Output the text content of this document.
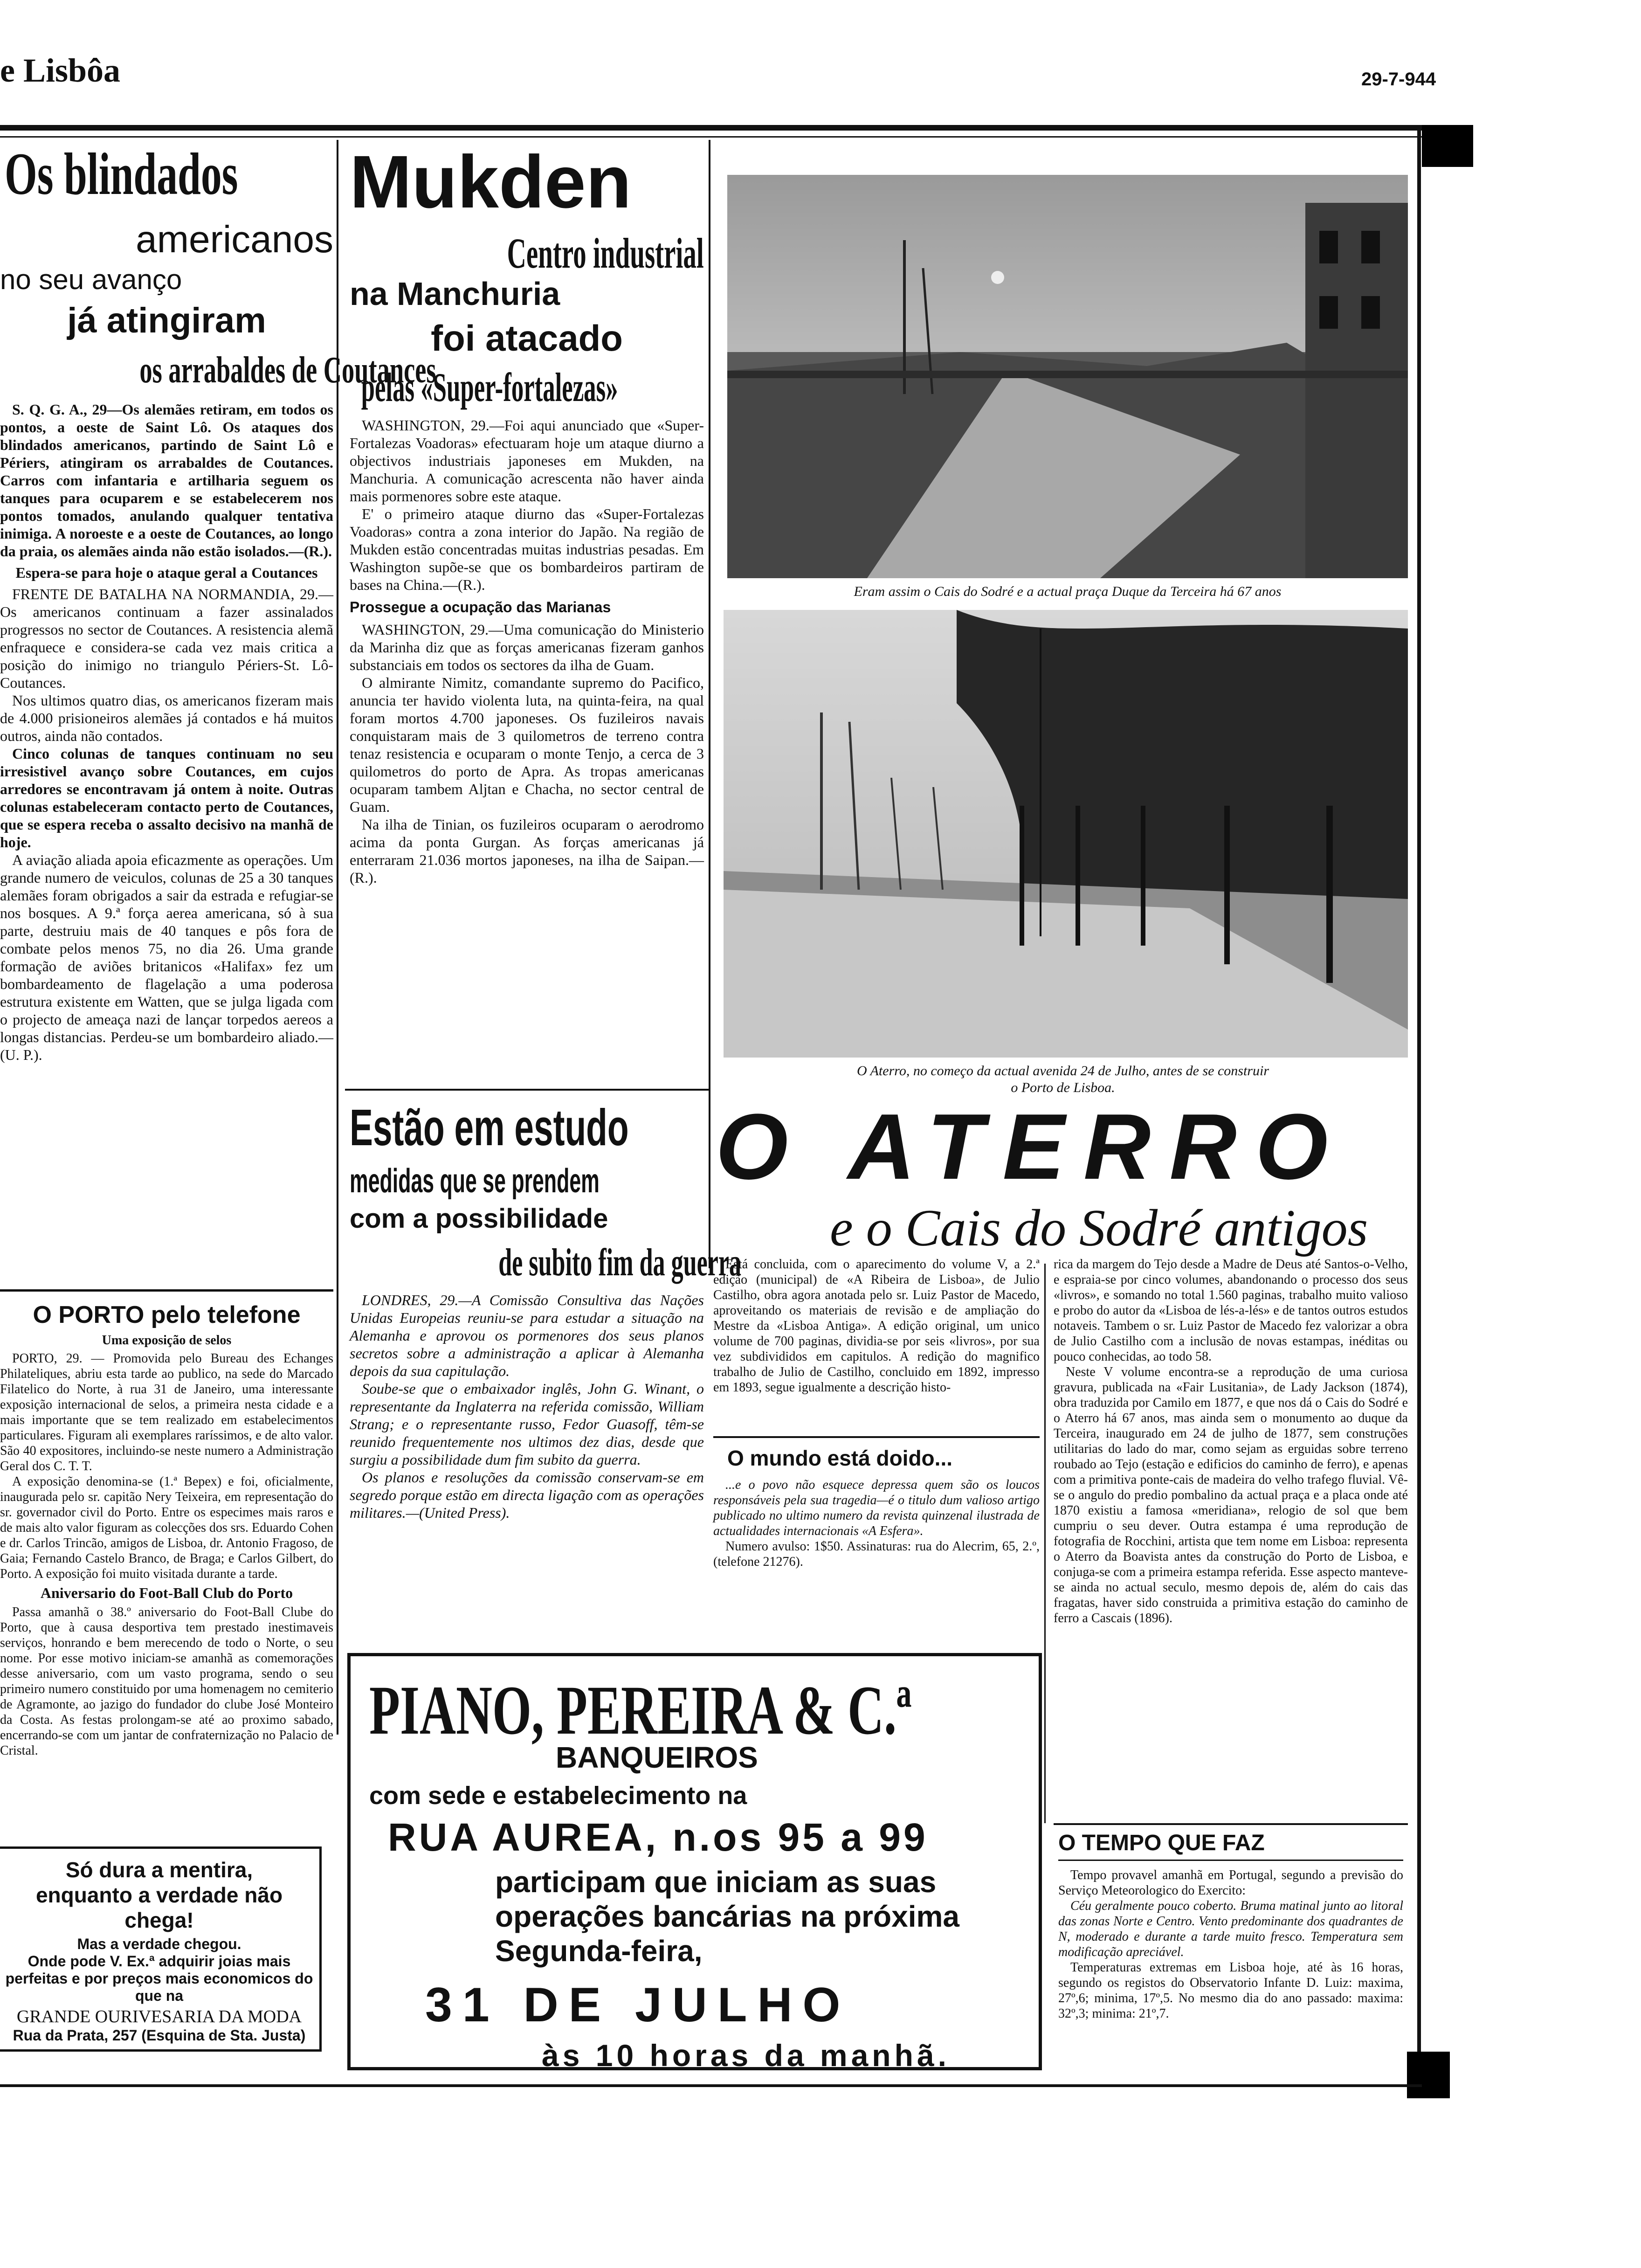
e Lisbôa	29-7-944
Os blindados
americanos
no seu avanço
já atingiram
os arrabaldes de Coutances

S. Q. G. A., 29—Os alemães retiram, em todos os pontos, a oeste de Saint Lô. Os ataques dos blindados americanos, partindo de Saint Lô e Périers, atingiram os arrabaldes de Coutances. Carros com infantaria e artilharia seguem os tanques para ocuparem e se estabelecerem nos pontos tomados, anulando qualquer tentativa inimiga. A noroeste e a oeste de Coutances, ao longo da praia, os alemães ainda não estão isolados.—(R.).

Espera-se para hoje o ataque geral a Coutances

FRENTE DE BATALHA NA NORMANDIA, 29.—Os americanos continuam a fazer assinalados progressos no sector de Coutances. A resistencia alemã enfraquece e considera-se cada vez mais critica a posição do inimigo no triangulo Périers-St. Lô-Coutances.

Nos ultimos quatro dias, os americanos fizeram mais de 4.000 prisioneiros alemães já contados e há muitos outros, ainda não contados.

Cinco colunas de tanques continuam no seu irresistivel avanço sobre Coutances, em cujos arredores se encontravam já ontem à noite. Outras colunas estabeleceram contacto perto de Coutances, que se espera receba o assalto decisivo na manhã de hoje.

A aviação aliada apoia eficazmente as operações. Um grande numero de veiculos, colunas de 25 a 30 tanques alemães foram obrigados a sair da estrada e refugiar-se nos bosques. A 9.ª força aerea americana, só à sua parte, destruiu mais de 40 tanques e pôs fora de combate pelos menos 75, no dia 26. Uma grande formação de aviões britanicos «Halifax» fez um bombardeamento de flagelação a uma poderosa estrutura existente em Watten, que se julga ligada com o projecto de ameaça nazi de lançar torpedos aereos a longas distancias. Perdeu-se um bombardeiro aliado.—(U. P.).

O PORTO pelo telefone

Uma exposição de selos

PORTO, 29. — Promovida pelo Bureau des Echanges Philateliques, abriu esta tarde ao publico, na sede do Marcado Filatelico do Norte, à rua 31 de Janeiro, uma interessante exposição internacional de selos, a primeira nesta cidade e a mais importante que se tem realizado em estabelecimentos particulares. Figuram ali exemplares raríssimos, e de alto valor. São 40 expositores, incluindo-se neste numero a Administração Geral dos C. T. T.

A exposição denomina-se (1.ª Bepex) e foi, oficialmente, inaugurada pelo sr. capitão Nery Teixeira, em representação do sr. governador civil do Porto. Entre os especimes mais raros e de mais alto valor figuram as colecções dos srs. Eduardo Cohen e dr. Carlos Trincão, amigos de Lisboa, dr. Antonio Fragoso, de Gaia; Fernando Castelo Branco, de Braga; e Carlos Gilbert, do Porto. A exposição foi muito visitada durante a tarde.

Aniversario do Foot-Ball Club do Porto

Passa amanhã o 38.º aniversario do Foot-Ball Clube do Porto, que à causa desportiva tem prestado inestimaveis serviços, honrando e bem merecendo de todo o Norte, o seu nome. Por esse motivo iniciam-se amanhã as comemorações desse aniversario, com um vasto programa, sendo o seu primeiro numero constituido por uma homenagem no cemiterio de Agramonte, ao jazigo do fundador do clube José Monteiro da Costa. As festas prolongam-se até ao proximo sabado, encerrando-se com um jantar de confraternização no Palacio de Cristal.

Só dura a mentira,
enquanto a verdade não chega!
Mas a verdade chegou.
Onde pode V. Ex.ª adquirir joias mais perfeitas e por preços mais economicos do que na
GRANDE OURIVESARIA DA MODA
Rua da Prata, 257 (Esquina de Sta. Justa)
Mukden
Centro industrial
na Manchuria
foi atacado
pelas «Super-fortalezas»

WASHINGTON, 29.—Foi aqui anunciado que «Super-Fortalezas Voadoras» efectuaram hoje um ataque diurno a objectivos industriais japoneses em Mukden, na Manchuria. A comunicação acrescenta não haver ainda mais pormenores sobre este ataque.

E' o primeiro ataque diurno das «Super-Fortalezas Voadoras» contra a zona interior do Japão. Na região de Mukden estão concentradas muitas industrias pesadas. Em Washington supõe-se que os bombardeiros partiram de bases na China.—(R.).

Prossegue a ocupação das Marianas

WASHINGTON, 29.—Uma comunicação do Ministerio da Marinha diz que as forças americanas fizeram ganhos substanciais em todos os sectores da ilha de Guam.

O almirante Nimitz, comandante supremo do Pacifico, anuncia ter havido violenta luta, na quinta-feira, na qual foram mortos 4.700 japoneses. Os fuzileiros navais conquistaram mais de 3 quilometros de terreno contra tenaz resistencia e ocuparam o monte Tenjo, a cerca de 3 quilometros do porto de Apra. As tropas americanas ocuparam tambem Aljtan e Chacha, no sector central de Guam.

Na ilha de Tinian, os fuzileiros ocuparam o aerodromo acima da ponta Gurgan. As forças americanas já enterraram 21.036 mortos japoneses, na ilha de Saipan.—(R.).

Estão em estudo medidas que se prendem
com a possibilidade
de subito fim da guerra

LONDRES, 29.—A Comissão Consultiva das Nações Unidas Europeias reuniu-se para estudar a situação na Alemanha e aprovou os pormenores dos seus planos secretos sobre a administração a aplicar à Alemanha depois da sua capitulação.

Soube-se que o embaixador inglês, John G. Winant, o representante da Inglaterra na referida comissão, William Strang; e o representante russo, Fedor Guasoff, têm-se reunido frequentemente nos ultimos dez dias, desde que surgiu a possibilidade dum fim subito da guerra.

Os planos e resoluções da comissão conservam-se em segredo porque estão em directa ligação com as operações militares.—(United Press).

Eram assim o Cais do Sodré e a actual praça Duque da Terceira há 67 anos
O Aterro, no começo da actual avenida 24 de Julho, antes de se construir
o Porto de Lisboa.
O ATERRO
e o Cais do Sodré antigos

Está concluida, com o aparecimento do volume V, a 2.ª edição (municipal) de «A Ribeira de Lisboa», de Julio Castilho, obra agora anotada pelo sr. Luiz Pastor de Macedo, aproveitando os materiais de revisão e de ampliação do Mestre da «Lisboa Antiga». A edição original, um unico volume de 700 paginas, dividia-se por seis «livros», por sua vez subdivididos em capitulos. A redição do magnifico trabalho de Julio de Castilho, concluido em 1892, impresso em 1893, segue igualmente a descrição histo-

rica da margem do Tejo desde a Madre de Deus até Santos-o-Velho, e espraia-se por cinco volumes, abandonando o processo dos seus «livros», e somando no total 1.560 paginas, trabalho muito valioso e probo do autor da «Lisboa de lés-a-lés» e de tantos outros estudos notaveis. Tambem o sr. Luiz Pastor de Macedo fez valorizar a obra de Julio Castilho com a inclusão de novas estampas, inéditas ou pouco conhecidas, ao todo 58.

Neste V volume encontra-se a reprodução de uma curiosa gravura, publicada na «Fair Lusitania», de Lady Jackson (1874), obra traduzida por Camilo em 1877, e que nos dá o Cais do Sodré e o Aterro há 67 anos, mas ainda sem o monumento ao duque da Terceira, inaugurado em 24 de julho de 1877, sem construções utilitarias do lado do mar, como sejam as erguidas sobre terreno roubado ao Tejo (estação e edificios do caminho de ferro), e apenas com a primitiva ponte-cais de madeira do velho trafego fluvial. Vê-se o angulo do predio pombalino da actual praça e a placa onde até 1870 existiu a famosa «meridiana», relogio de sol que bem cumpriu o seu dever. Outra estampa é uma reprodução de fotografia de Rocchini, artista que tem nome em Lisboa: representa o Aterro da Boavista antes da construção do Porto de Lisboa, e conjuga-se com a primeira estampa referida. Esse aspecto manteve-se ainda no actual seculo, mesmo depois de, além do cais das fragatas, haver sido construida a primitiva estação do caminho de ferro a Cascais (1896).

O mundo está doido...

...e o povo não esquece depressa quem são os loucos responsáveis pela sua tragedia—é o titulo dum valioso artigo publicado no ultimo numero da revista quinzenal ilustrada de actualidades internacionais «A Esfera».

Numero avulso: 1$50. Assinaturas: rua do Alecrim, 65, 2.º, (telefone 21276).

O TEMPO QUE FAZ

Tempo provavel amanhã em Portugal, segundo a previsão do Serviço Meteorologico do Exercito:

Céu geralmente pouco coberto. Bruma matinal junto ao litoral das zonas Norte e Centro. Vento predominante dos quadrantes de N, moderado e durante a tarde muito fresco. Temperatura sem modificação apreciável.

Temperaturas extremas em Lisboa hoje, até às 16 horas, segundo os registos do Observatorio Infante D. Luiz: maxima, 27º,6; minima, 17º,5. No mesmo dia do ano passado: maxima: 32º,3; minima: 21º,7.

PIANO, PEREIRA & C.ª
BANQUEIROS
com sede e estabelecimento na
RUA AUREA, n.os 95 a 99
participam que iniciam as suas
operações bancárias na próxima
Segunda-feira,
31 DE JULHO
às 10 horas da manhã.
